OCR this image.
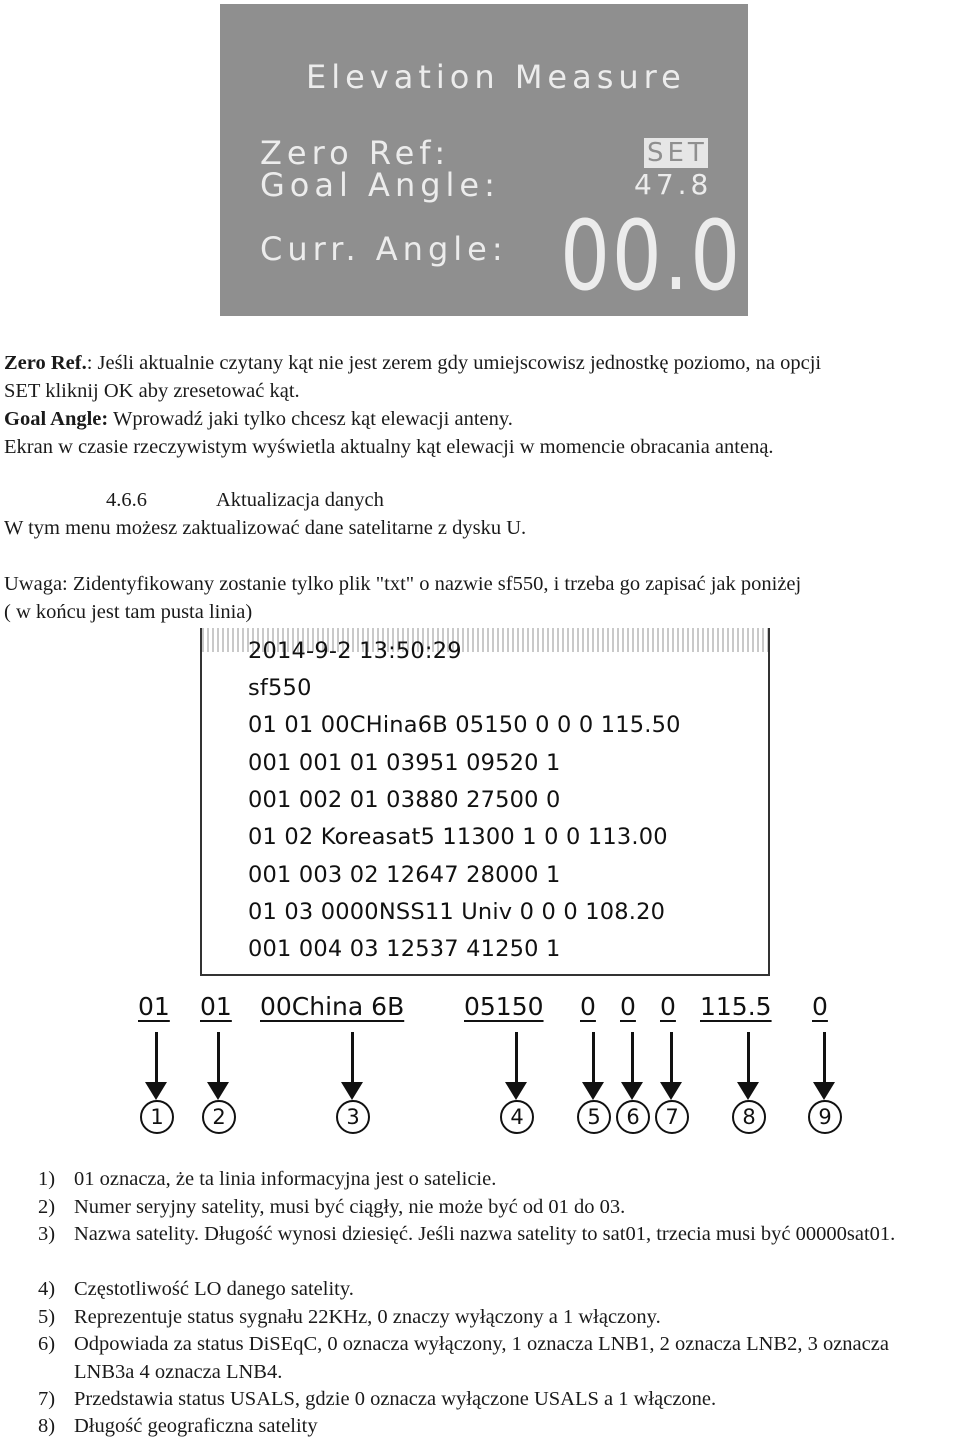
Elevation Measure
Zero Ref:	SET
Goal Angle:	47.8
Curr. Angle: 00.0
Zero Ref.: Jeśli aktualnie czytany kąt nie jest zerem gdy umiejscowisz jednostkę poziomo, na opcji
SET kliknij OK aby zresetować kąt.
Goal Angle: Wprowadź jaki tylko chcesz kąt elewacji anteny.
Ekran w czasie rzeczywistym wyświetla aktualny kąt elewacji w momencie obracania anteną.
4.6.6	Aktualizacja danych
W tym menu możesz zaktualizować dane satelitarne z dysku U.
Uwaga: Zidentyfikowany zostanie tylko plik "txt" o nazwie sf550, i trzeba go zapisać jak poniżej
( w końcu jest tam pusta linia)
2014-9-2 13:50:29
sf550
01 01 00CHina6B 05150 0 0 0 115.50
001 001 01 03951 09520 1
001 002 01 03880 27500 0
01 02 Koreasat5 11300 1 0 0 113.00
001 003 02 12647 28000 1
01 03 0000NSS11 Univ 0 0 0 108.20
001 004 03 12537 41250 1
01 01 00China 6B 05150 0 0 0 115.5 0
1	2	3	4	5	6	7	8	9
1) 01 oznacza, że ta linia informacyjna jest o satelicie.
2) Numer seryjny satelity, musi być ciągły, nie może być od 01 do 03.
3) Nazwa satelity. Długość wynosi dziesięć. Jeśli nazwa satelity to sat01, trzecia musi być 00000sat01.
4) Częstotliwość LO danego satelity.
5) Reprezentuje status sygnału 22KHz, 0 znaczy wyłączony a 1 włączony.
6) Odpowiada za status DiSEqC, 0 oznacza wyłączony, 1 oznacza LNB1, 2 oznacza LNB2, 3 oznacza LNB3a 4 oznacza LNB4.
7) Przedstawia status USALS, gdzie 0 oznacza wyłączone USALS a 1 włączone.
8) Długość geograficzna satelity
